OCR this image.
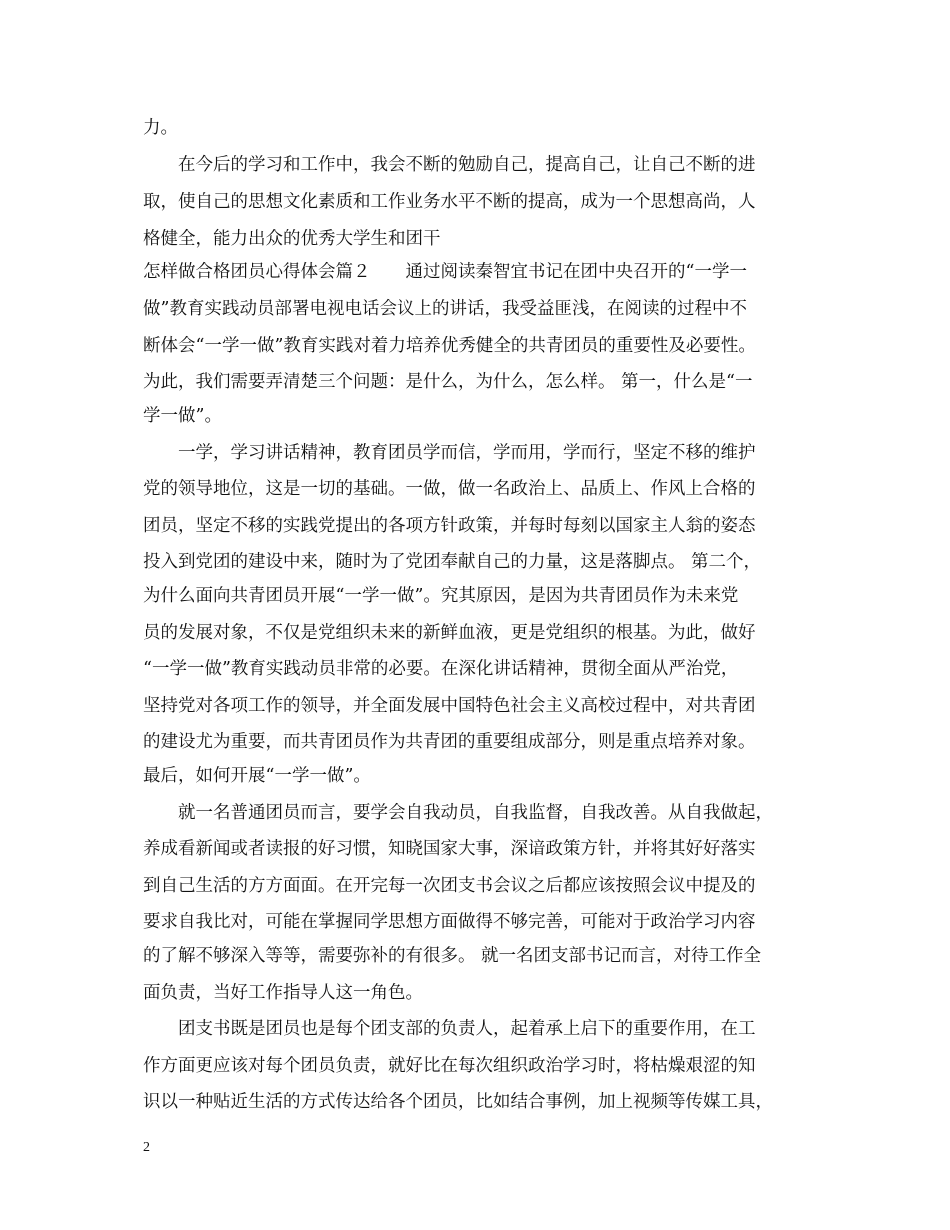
力。
　　在今后的学习和工作中，我会不断的勉励自己，提高自己，让自己不断的进
取，使自己的思想文化素质和工作业务水平不断的提高，成为一个思想高尚，人
格健全，能力出众的优秀大学生和团干
怎样做合格团员心得体会篇２　　通过阅读秦智宜书记在团中央召开的“一学一
做”教育实践动员部署电视电话会议上的讲话，我受益匪浅，在阅读的过程中不
断体会“一学一做”教育实践对着力培养优秀健全的共青团员的重要性及必要性。
为此，我们需要弄清楚三个问题：是什么，为什么，怎么样。 第一，什么是“一
学一做”。
　　一学，学习讲话精神，教育团员学而信，学而用，学而行，坚定不移的维护
党的领导地位，这是一切的基础。一做，做一名政治上、品质上、作风上合格的
团员，坚定不移的实践党提出的各项方针政策，并每时每刻以国家主人翁的姿态
投入到党团的建设中来，随时为了党团奉献自己的力量，这是落脚点。 第二个，
为什么面向共青团员开展“一学一做”。究其原因，是因为共青团员作为未来党
员的发展对象，不仅是党组织未来的新鲜血液，更是党组织的根基。为此，做好
“一学一做”教育实践动员非常的必要。在深化讲话精神，贯彻全面从严治党，
坚持党对各项工作的领导，并全面发展中国特色社会主义高校过程中，对共青团
的建设尤为重要，而共青团员作为共青团的重要组成部分，则是重点培养对象。
最后，如何开展“一学一做”。
　　就一名普通团员而言，要学会自我动员，自我监督，自我改善。从自我做起，
养成看新闻或者读报的好习惯，知晓国家大事，深谙政策方针，并将其好好落实
到自己生活的方方面面。在开完每一次团支书会议之后都应该按照会议中提及的
要求自我比对，可能在掌握同学思想方面做得不够完善，可能对于政治学习内容
的了解不够深入等等，需要弥补的有很多。 就一名团支部书记而言，对待工作全
面负责，当好工作指导人这一角色。
　　团支书既是团员也是每个团支部的负责人，起着承上启下的重要作用，在工
作方面更应该对每个团员负责，就好比在每次组织政治学习时，将枯燥艰涩的知
识以一种贴近生活的方式传达给各个团员，比如结合事例，加上视频等传媒工具，
2
